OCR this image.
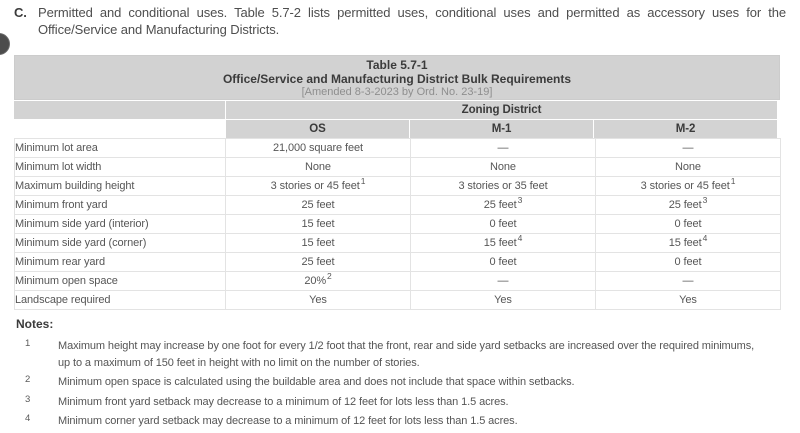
C. Permitted and conditional uses. Table 5.7-2 lists permitted uses, conditional uses and permitted as accessory uses for the
Office/Service and Manufacturing Districts.
Table 5.7-1
Office/Service and Manufacturing District Bulk Requirements
[Amended 8-3-2023 by Ord. No. 23-19]
Zoning District
OS	M-1	M-2
Minimum lot area	21,000 square feet	—	—
Minimum lot width	None	None	None
Maximum building height	3 stories or 45 feet$^1$	3 stories or 35 feet	3 stories or 45 feet$^1$
Minimum front yard	25 feet	25 feet$^3$	25 feet$^3$
Minimum side yard (interior)	15 feet	0 feet	0 feet
Minimum side yard (corner)	15 feet	15 feet$^4$	15 feet$^4$
Minimum rear yard	25 feet	0 feet	0 feet
Minimum open space	20%$^2$	—	—
Landscape required	Yes	Yes	Yes
Notes:
1	Maximum height may increase by one foot for every 1/2 foot that the front, rear and side yard setbacks are increased over the required minimums, up to a maximum of 150 feet in height with no limit on the number of stories.
2	Minimum open space is calculated using the buildable area and does not include that space within setbacks.
3	Minimum front yard setback may decrease to a minimum of 12 feet for lots less than 1.5 acres.
4	Minimum corner yard setback may decrease to a minimum of 12 feet for lots less than 1.5 acres.
